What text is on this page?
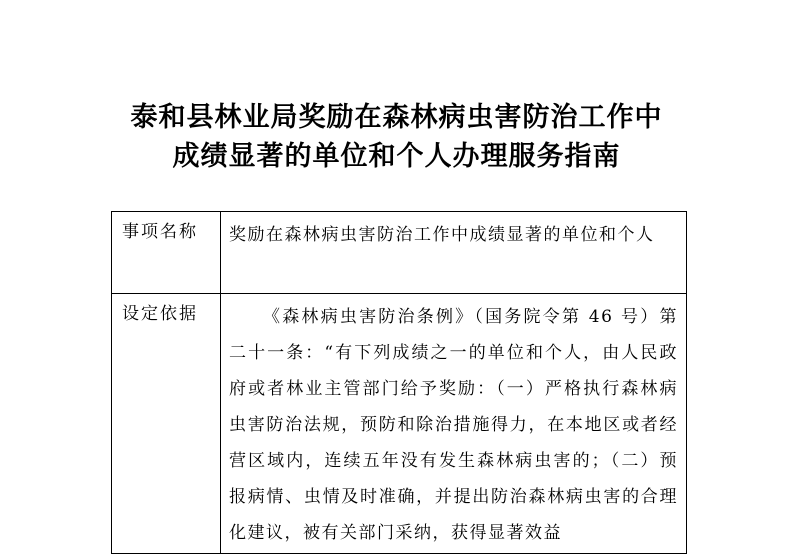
泰和县林业局奖励在森林病虫害防治工作中
成绩显著的单位和个人办理服务指南
事项名称	奖励在森林病虫害防治工作中成绩显著的单位和个人

设定依据	《森林病虫害防治条例》（国务院令第 46 号）第二十一条：“有下列成绩之一的单位和个人，由人民政府或者林业主管部门给予奖励：（一）严格执行森林病虫害防治法规，预防和除治措施得力，在本地区或者经营区域内，连续五年没有发生森林病虫害的；（二）预报病情、虫情及时准确，并提出防治森林病虫害的合理化建议，被有关部门采纳，获得显著效益
